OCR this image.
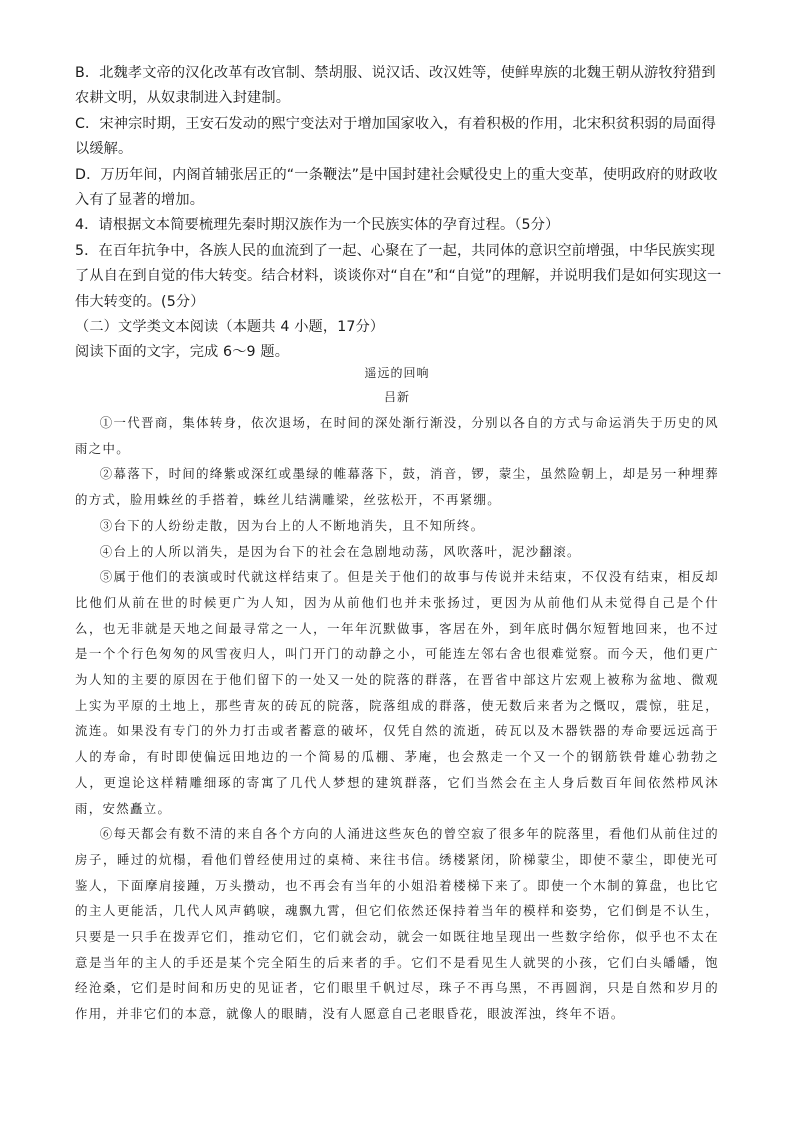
B．北魏孝文帝的汉化改革有改官制、禁胡服、说汉话、改汉姓等，使鲜卑族的北魏王朝从游牧狩猎到农耕文明，从奴隶制进入封建制。

C．宋神宗时期，王安石发动的熙宁变法对于增加国家收入，有着积极的作用，北宋积贫积弱的局面得以缓解。

D．万历年间，内阁首辅张居正的“一条鞭法”是中国封建社会赋役史上的重大变革，使明政府的财政收入有了显著的增加。

4．请根据文本简要梳理先秦时期汉族作为一个民族实体的孕育过程。（5分）

5．在百年抗争中，各族人民的血流到了一起、心聚在了一起，共同体的意识空前增强，中华民族实现了从自在到自觉的伟大转变。结合材料，谈谈你对“自在”和“自觉”的理解，并说明我们是如何实现这一伟大转变的。(5分）

（二）文学类文本阅读（本题共 4 小题，17分）

阅读下面的文字，完成 6～9 题。

遥远的回响
吕新

①一代晋商，集体转身，依次退场，在时间的深处渐行渐没，分别以各自的方式与命运消失于历史的风雨之中。

②幕落下，时间的绛紫或深红或墨绿的帷幕落下，鼓，消音，锣，蒙尘，虽然险朝上，却是另一种埋葬的方式，脸用蛛丝的手搭着，蛛丝儿结满雕梁，丝弦松开，不再紧绷。

③台下的人纷纷走散，因为台上的人不断地消失，且不知所终。

④台上的人所以消失，是因为台下的社会在急剧地动荡，风吹落叶，泥沙翻滚。

⑤属于他们的表演或时代就这样结束了。但是关于他们的故事与传说并未结束，不仅没有结束，相反却比他们从前在世的时候更广为人知，因为从前他们也并未张扬过，更因为从前他们从未觉得自己是个什么，也无非就是天地之间最寻常之一人，一年年沉默做事，客居在外，到年底时偶尔短暂地回来，也不过是一个个行色匆匆的风雪夜归人，叫门开门的动静之小，可能连左邻右舍也很难觉察。而今天，他们更广为人知的主要的原因在于他们留下的一处又一处的院落的群落，在晋省中部这片宏观上被称为盆地、微观上实为平原的土地上，那些青灰的砖瓦的院落，院落组成的群落，使无数后来者为之慨叹，震惊，驻足，流连。如果没有专门的外力打击或者蓄意的破坏，仅凭自然的流逝，砖瓦以及木器铁器的寿命要远远高于人的寿命，有时即使偏远田地边的一个简易的瓜棚、茅庵，也会熬走一个又一个的钢筋铁骨雄心勃勃之人，更遑论这样精雕细琢的寄寓了几代人梦想的建筑群落，它们当然会在主人身后数百年间依然栉风沐雨，安然矗立。

⑥每天都会有数不清的来自各个方向的人涌进这些灰色的曾空寂了很多年的院落里，看他们从前住过的房子，睡过的炕榻，看他们曾经使用过的桌椅、来往书信。绣楼紧闭，阶梯蒙尘，即使不蒙尘，即使光可鉴人，下面摩肩接踵，万头攒动，也不再会有当年的小姐沿着楼梯下来了。即使一个木制的算盘，也比它的主人更能活，几代人风声鹤唳，魂飘九霄，但它们依然还保持着当年的模样和姿势，它们倒是不认生，只要是一只手在拨弄它们，推动它们，它们就会动，就会一如既往地呈现出一些数字给你，似乎也不太在意是当年的主人的手还是某个完全陌生的后来者的手。它们不是看见生人就哭的小孩，它们白头皤皤，饱经沧桑，它们是时间和历史的见证者，它们眼里千帆过尽，珠子不再乌黑，不再圆润，只是自然和岁月的作用，并非它们的本意，就像人的眼睛，没有人愿意自己老眼昏花，眼波浑浊，终年不语。
